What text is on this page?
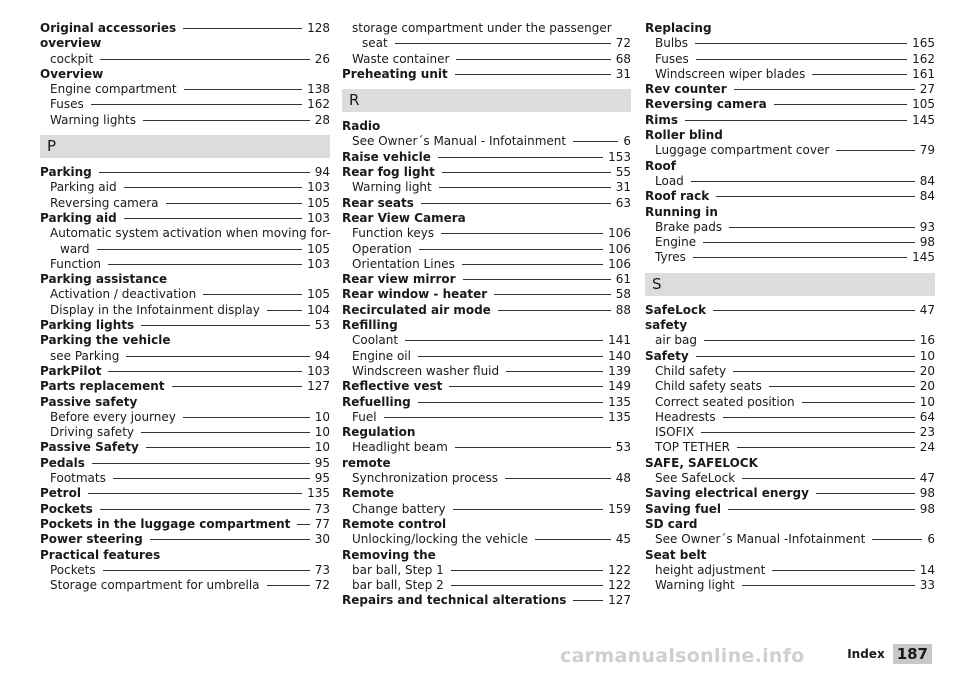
Original accessories	128
overview
cockpit	26
Overview
Engine compartment	138
Fuses	162
Warning lights	28
P
Parking	94
Parking aid	103
Reversing camera	105
Parking aid	103
Automatic system activation when moving for-
ward	105
Function	103
Parking assistance
Activation / deactivation	105
Display in the Infotainment display	104
Parking lights	53
Parking the vehicle
see Parking	94
ParkPilot	103
Parts replacement	127
Passive safety
Before every journey	10
Driving safety	10
Passive Safety	10
Pedals	95
Footmats	95
Petrol	135
Pockets	73
Pockets in the luggage compartment 77
Power steering	30
Practical features
Pockets	73
Storage compartment for umbrella	72
storage compartment under the passenger
seat	72
Waste container	68
Preheating unit	31
R
Radio
See Owner´s Manual - Infotainment	6
Raise vehicle	153
Rear fog light	55
Warning light	31
Rear seats	63
Rear View Camera
Function keys	106
Operation	106
Orientation Lines	106
Rear view mirror	61
Rear window - heater	58
Recirculated air mode	88
Refilling
Coolant	141
Engine oil	140
Windscreen washer fluid	139
Reflective vest	149
Refuelling	135
Fuel	135
Regulation
Headlight beam	53
remote
Synchronization process	48
Remote
Change battery	159
Remote control
Unlocking/locking the vehicle	45
Removing the
bar ball, Step 1	122
bar ball, Step 2	122
Repairs and technical alterations	127
Replacing
Bulbs	165
Fuses	162
Windscreen wiper blades	161
Rev counter	27
Reversing camera	105
Rims	145
Roller blind
Luggage compartment cover	79
Roof
Load	84
Roof rack	84
Running in
Brake pads	93
Engine	98
Tyres	145
S
SafeLock	47
safety
air bag	16
Safety	10
Child safety	20
Child safety seats	20
Correct seated position	10
Headrests	64
ISOFIX	23
TOP TETHER	24
SAFE, SAFELOCK
See SafeLock	47
Saving electrical energy	98
Saving fuel	98
SD card
See Owner´s Manual -Infotainment	6
Seat belt
height adjustment	14
Warning light	33
carmanualsonline.info	Index 187
